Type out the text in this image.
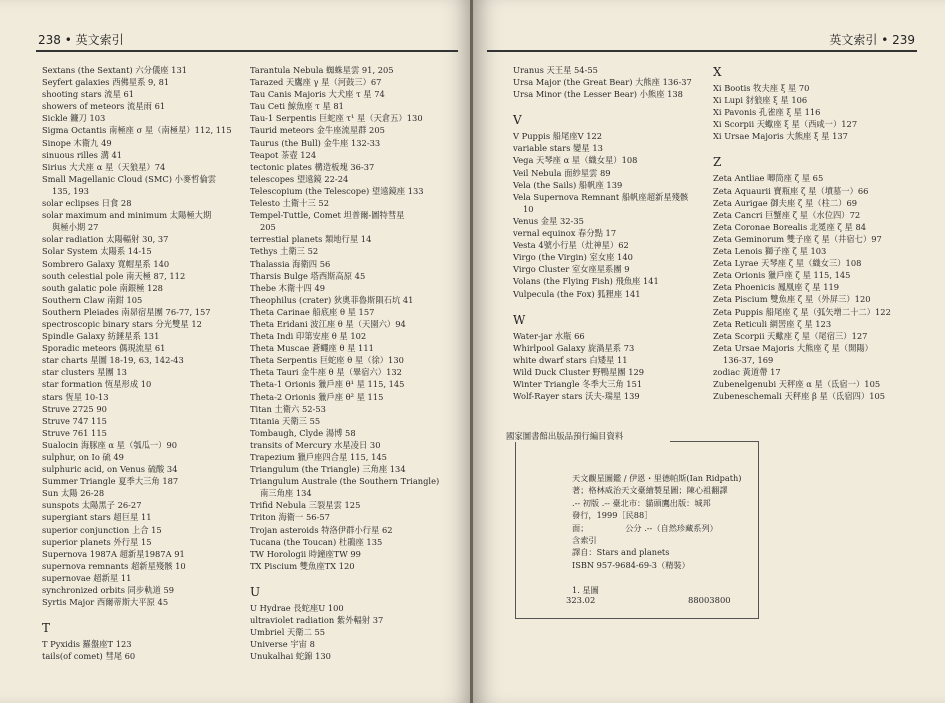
238 • 英文索引
Sextans (the Sextant) 六分儀座 131
Seyfert galaxies 西佛星系 9, 81
shooting stars 流星 61
showers of meteors 流星雨 61
Sickle 鐮刀 103
Sigma Octantis 南極座 σ 星（南極星）112, 115
Sinope 木衛九 49
sinuous rilles 溝 41
Sirius 大犬座 α 星（天狼星）74
Small Magellanic Cloud (SMC) 小麥哲倫雲
135, 193
solar eclipses 日食 28
solar maximum and minimum 太陽極大期
與極小期 27
solar radiation 太陽輻射 30, 37
Solar System 太陽系 14-15
Sombrero Galaxy 寬帽星系 140
south celestial pole 南天極 87, 112
south galatic pole 南銀極 128
Southern Claw 南鉗 105
Southern Pleiades 南昴宿星團 76-77, 157
spectroscopic binary stars 分光雙星 12
Spindle Galaxy 紡錘星系 131
Sporadic meteors 偶現流星 61
star charts 星圖 18-19, 63, 142-43
star clusters 星團 13
star formation 恆星形成 10
stars 恆星 10-13
Struve 2725 90
Struve 747 115
Struve 761 115
Sualocin 海豚座 α 星（瓠瓜一）90
sulphur, on Io 硫 49
sulphuric acid, on Venus 硫酸 34
Summer Triangle 夏季大三角 187
Sun 太陽 26-28
sunspots 太陽黑子 26-27
supergiant stars 超巨星 11
superior conjunction 上合 15
superior planets 外行星 15
Supernova 1987A 超新星1987A 91
supernova remnants 超新星殘骸 10
supernovae 超新星 11
synchronized orbits 同步軌道 59
Syrtis Major 西爾蒂斯大平原 45
T
T Pyxidis 羅盤座T 123
tails(of comet) 彗尾 60
Tarantula Nebula 蜘蛛星雲 91, 205
Tarazed 天鷹座 γ 星（河鼓三）67
Tau Canis Majoris 大犬座 τ 星 74
Tau Ceti 鯨魚座 τ 星 81
Tau-1 Serpentis 巨蛇座 τ¹ 星（天倉五）130
Taurid meteors 金牛座流星群 205
Taurus (the Bull) 金牛座 132-33
Teapot 茶壺 124
tectonic plates 構造板塊 36-37
telescopes 望遠鏡 22-24
Telescopium (the Telescope) 望遠鏡座 133
Telesto 土衛十三 52
Tempel-Tuttle, Comet 坦普爾-圖特彗星
205
terrestial planets 類地行星 14
Tethys 土衛三 52
Thalassia 海衛四 56
Tharsis Bulge 塔西斯高原 45
Thebe 木衛十四 49
Theophilus (crater) 狄奧菲魯斯隕石坑 41
Theta Carinae 船底座 θ 星 157
Theta Eridani 波江座 θ 星（天園六）94
Theta Indi 印第安座 θ 星 102
Theta Muscae 蒼蠅座 θ 星 111
Theta Serpentis 巨蛇座 θ 星（徐）130
Theta Tauri 金牛座 θ 星（畢宿六）132
Theta-1 Orionis 獵戶座 θ¹ 星 115, 145
Theta-2 Orionis 獵戶座 θ² 星 115
Titan 土衛六 52-53
Titania 天衛三 55
Tombaugh, Clyde 湯博 58
transits of Mercury 水星凌日 30
Trapezium 獵戶座四合星 115, 145
Triangulum (the Triangle) 三角座 134
Triangulum Australe (the Southern Triangle)
南三角座 134
Trifid Nebula 三裂星雲 125
Triton 海衛一 56-57
Trojan asteroids 特洛伊群小行星 62
Tucana (the Toucan) 杜鵑座 135
TW Horologii 時鐘座TW 99
TX Piscium 雙魚座TX 120
U
U Hydrae 長蛇座U 100
ultraviolet radiation 紫外輻射 37
Umbriel 天衛二 55
Universe 宇宙 8
Unukalhai 蛇錦 130
英文索引 • 239
Uranus 天王星 54-55
Ursa Major (the Great Bear) 大熊座 136-37
Ursa Minor (the Lesser Bear) 小熊座 138
V
V Puppis 船尾座V 122
variable stars 變星 13
Vega 天琴座 α 星（織女星）108
Veil Nebula 面紗星雲 89
Vela (the Sails) 船帆座 139
Vela Supernova Remnant 船帆座超新星殘骸
10
Venus 金星 32-35
vernal equinox 春分點 17
Vesta 4號小行星（灶神星）62
Virgo (the Virgin) 室女座 140
Virgo Cluster 室女座星系團 9
Volans (the Flying Fish) 飛魚座 141
Vulpecula (the Fox) 狐狸座 141
W
Water-jar 水瓶 66
Whirlpool Galaxy 旋渦星系 73
white dwarf stars 白矮星 11
Wild Duck Cluster 野鴨星團 129
Winter Triangle 冬季大三角 151
Wolf-Rayer stars 沃夫-瑞星 139
X
Xi Bootis 牧夫座 ξ 星 70
Xi Lupi 豺狼座 ξ 星 106
Xi Pavonis 孔雀座 ξ 星 116
Xi Scorpii 天蠍座 ξ 星（西咸一）127
Xi Ursae Majoris 大熊座 ξ 星 137
Z
Zeta Antliae 唧筒座 ζ 星 65
Zeta Aquaurii 寶瓶座 ζ 星（墳墓一）66
Zeta Aurigae 御夫座 ζ 星（柱二）69
Zeta Cancri 巨蟹座 ζ 星（水位四）72
Zeta Coronae Borealis 北冕座 ζ 星 84
Zeta Geminorum 雙子座 ζ 星（井宿七）97
Zeta Lenois 獅子座 ζ 星 103
Zeta Lyrae 天琴座 ζ 星（織女三）108
Zeta Orionis 獵戶座 ζ 星 115, 145
Zeta Phoenicis 鳳凰座 ζ 星 119
Zeta Piscium 雙魚座 ζ 星（外屏三）120
Zeta Puppis 船尾座 ζ 星（弧矢增二十二）122
Zeta Reticuli 網罟座 ζ 星 123
Zeta Scorpii 天蠍座 ζ 星（尾宿三）127
Zeta Ursae Majoris 大熊座 ζ 星（開陽）
136-37, 169
zodiac 黃道帶 17
Zubenelgenubi 天秤座 α 星（氐宿一）105
Zubeneschemali 天秤座 β 星（氐宿四）105
國家圖書館出版品預行編目資料
天文觀星圖鑑 / 伊恩・里德帕斯(Ian Ridpath)
著；格林威治天文臺繪製星圖；陳心祖翻譯
.-- 初版 .-- 臺北市：貓頭鷹出版：城邦
發行，1999［民88］
面；　　　　　公分 .--（自然珍藏系列）
含索引
譯自：Stars and planets
ISBN 957-9684-69-3（精裝）
1. 星圖
323.02	88003800
